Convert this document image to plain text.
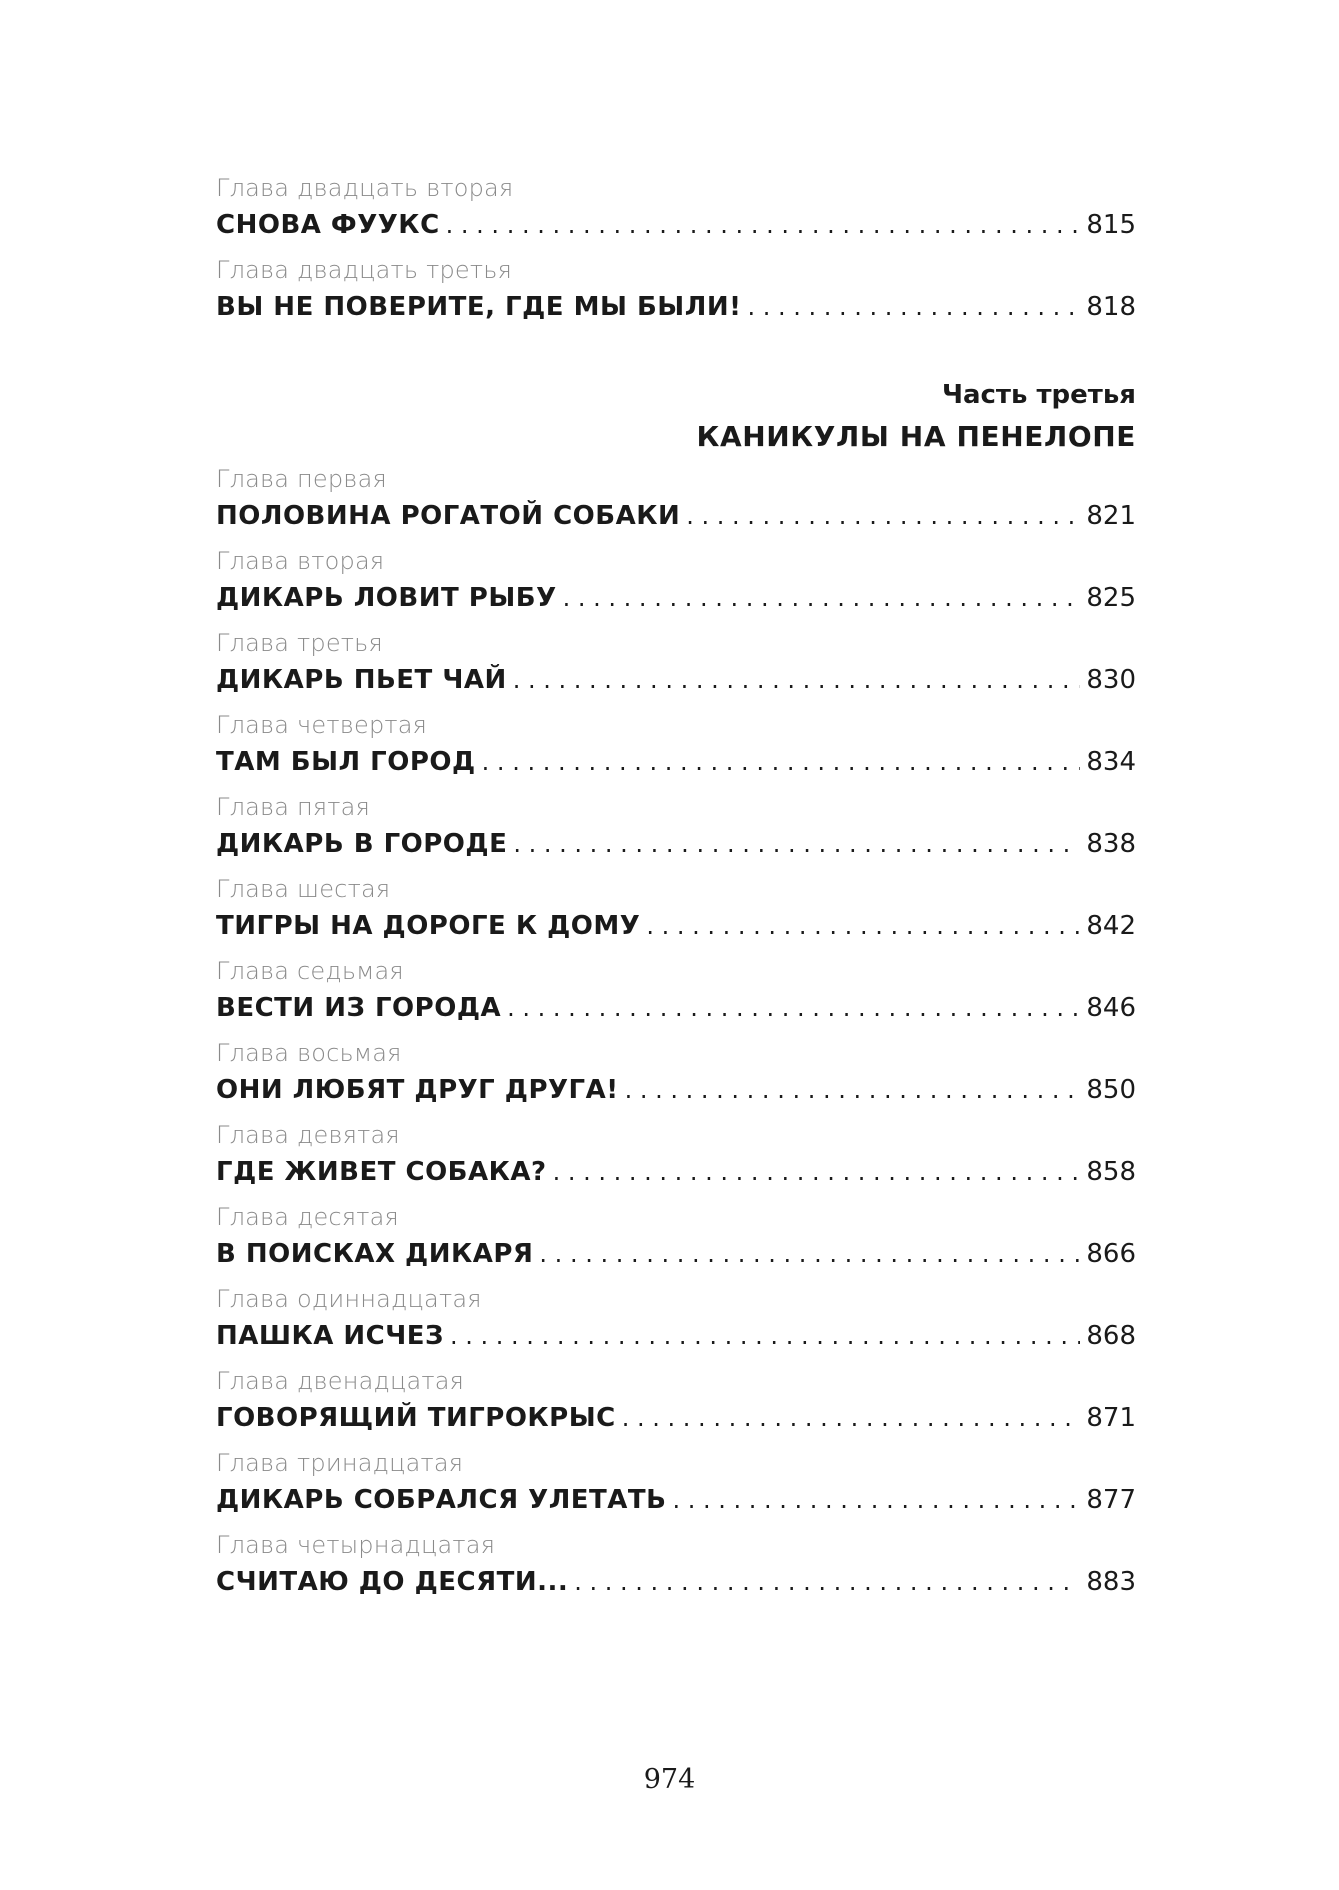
Глава двадцать вторая
СНОВА ФУУКС . . .	815
Глава двадцать третья
ВЫ НЕ ПОВЕРИТЕ, ГДЕ МЫ БЫЛИ! . . .	818
Часть третья
КАНИКУЛЫ НА ПЕНЕЛОПЕ
Глава первая
ПОЛОВИНА РОГАТОЙ СОБАКИ . . .	821
Глава вторая
ДИКАРЬ ЛОВИТ РЫБУ . . .	825
Глава третья
ДИКАРЬ ПЬЕТ ЧАЙ . . .	830
Глава четвертая
ТАМ БЫЛ ГОРОД . . .	834
Глава пятая
ДИКАРЬ В ГОРОДЕ . . .	838
Глава шестая
ТИГРЫ НА ДОРОГЕ К ДОМУ . . .	842
Глава седьмая
ВЕСТИ ИЗ ГОРОДА . . .	846
Глава восьмая
ОНИ ЛЮБЯТ ДРУГ ДРУГА! . . .	850
Глава девятая
ГДЕ ЖИВЕТ СОБАКА? . . .	858
Глава десятая
В ПОИСКАХ ДИКАРЯ . . .	866
Глава одиннадцатая
ПАШКА ИСЧЕЗ . . .	868
Глава двенадцатая
ГОВОРЯЩИЙ ТИГРОКРЫС . . .	871
Глава тринадцатая
ДИКАРЬ СОБРАЛСЯ УЛЕТАТЬ . . .	877
Глава четырнадцатая
СЧИТАЮ ДО ДЕСЯТИ... . . .	883
974
